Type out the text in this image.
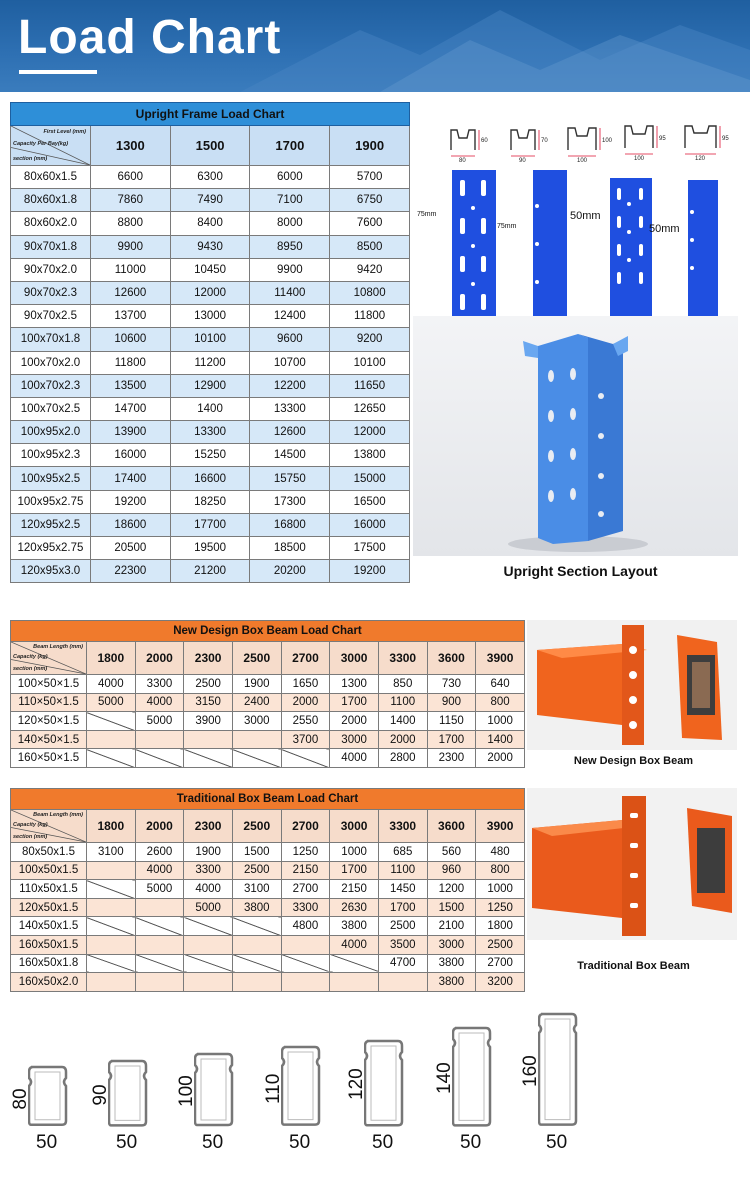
Load Chart
Upright Frame Load Chart				

First Level (mm)
Capacity Per Bay(kg)
section (mm)	1300	1500	1700	1900
80x60x1.5	6600	6300	6000	5700
80x60x1.8	7860	7490	7100	6750
80x60x2.0	8800	8400	8000	7600
90x70x1.8	9900	9430	8950	8500
90x70x2.0	11000	10450	9900	9420
90x70x2.3	12600	12000	11400	10800
90x70x2.5	13700	13000	12400	11800
100x70x1.8	10600	10100	9600	9200
100x70x2.0	11800	11200	10700	10100
100x70x2.3	13500	12900	12200	11650
100x70x2.5	14700	1400	13300	12650
100x95x2.0	13900	13300	12600	12000
100x95x2.3	16000	15250	14500	13800
100x95x2.5	17400	16600	15750	15000
100x95x2.75	19200	18250	17300	16500
120x95x2.5	18600	17700	16800	16000
120x95x2.75	20500	19500	18500	17500
120x95x3.0	22300	21200	20200	19200
80
60
90
70
100
100
100
95
120
95
75mm
75mm
50mm
50mm
Upright Section Layout
New Design Box Beam Load Chart									

Beam Length (mm)
Capacity (kg)
section (mm)	1800	2000	2300	2500	2700	3000	3300	3600	3900
100×50×1.5	4000	3300	2500	1900	1650	1300	850	730	640
110×50×1.5	5000	4000	3150	2400	2000	1700	1100	900	800
120×50×1.5		5000	3900	3000	2550	2000	1400	1150	1000
140×50×1.5					3700	3000	2000	1700	1400
160×50×1.5						4000	2800	2300	2000	New Design Box Beam
Traditional Box Beam Load Chart									

Beam Length (mm)
Capacity (kg)
section (mm)	1800	2000	2300	2500	2700	3000	3300	3600	3900
80x50x1.5	3100	2600	1900	1500	1250	1000	685	560	480
100x50x1.5		4000	3300	2500	2150	1700	1100	960	800
110x50x1.5		5000	4000	3100	2700	2150	1450	1200	1000
120x50x1.5			5000	3800	3300	2630	1700	1500	1250
140x50x1.5					4800	3800	2500	2100	1800
160x50x1.5						4000	3500	3000	2500
160x50x1.8							4700	3800	2700
160x50x2.0								3800	3200
Traditional Box Beam
80
50
90
50
100
50
110
50
120
50
140
50
160
50
